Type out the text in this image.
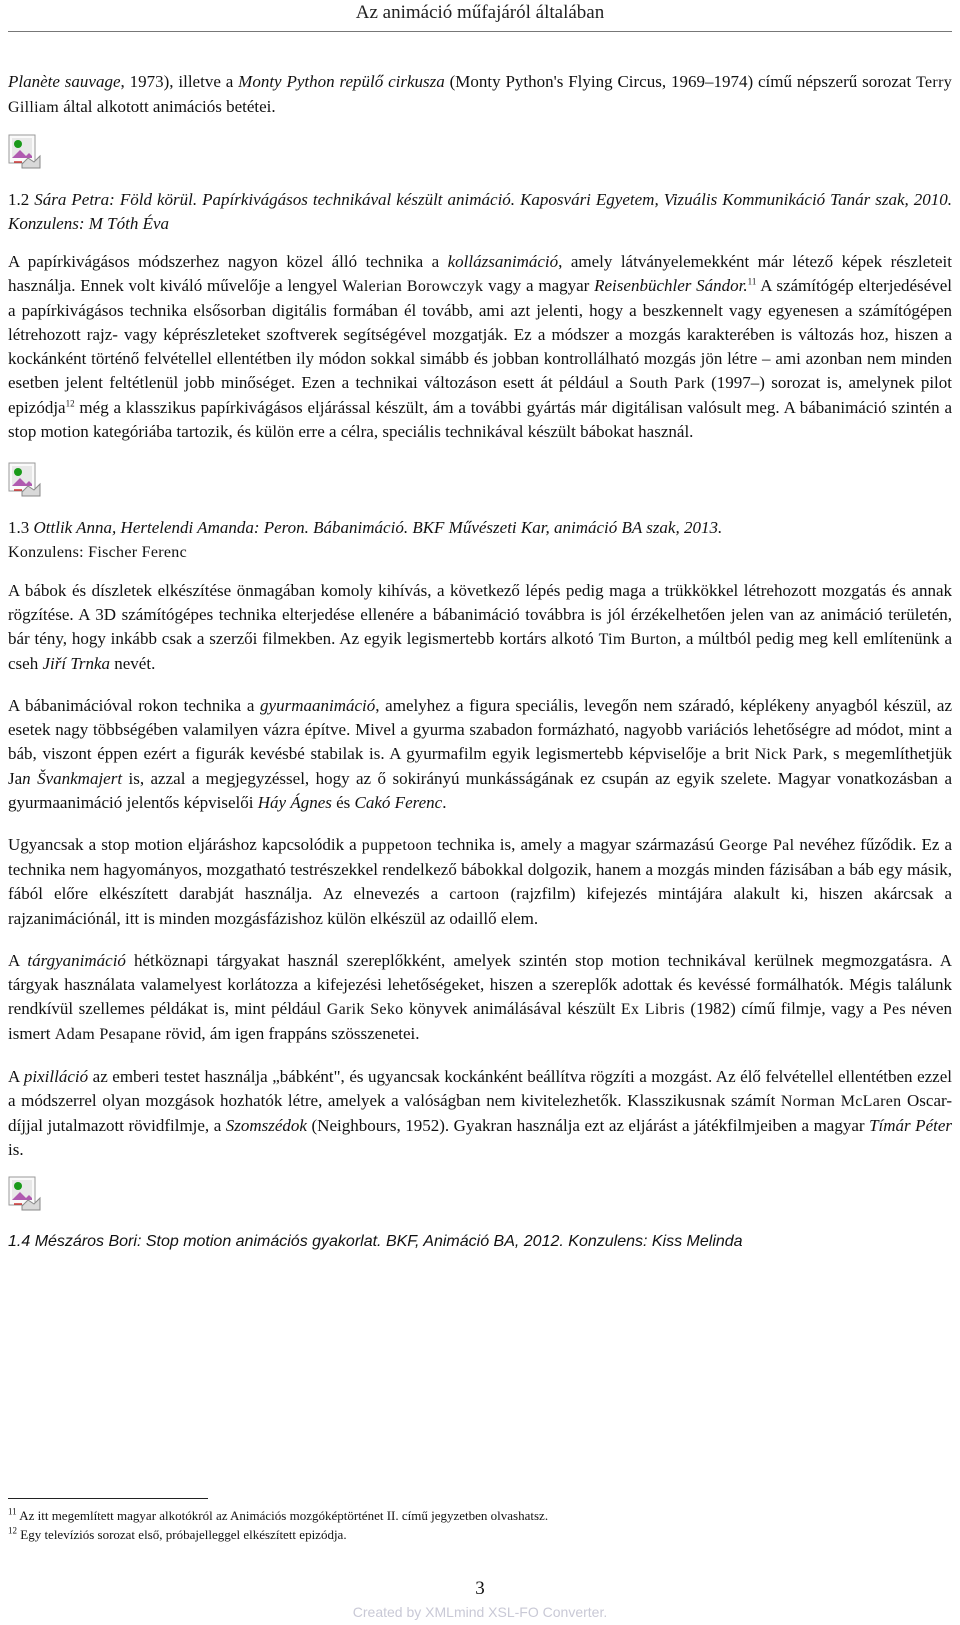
Az animáció műfajáról általában

Planète sauvage, 1973), illetve a Monty Python repülő cirkusza (Monty Python's Flying Circus, 1969–1974) című népszerű sorozat Terry Gilliam által alkotott animációs betétei.

1.2 Sára Petra: Föld körül. Papírkivágásos technikával készült animáció. Kaposvári Egyetem, Vizuális Kommunikáció Tanár szak, 2010. Konzulens: M Tóth Éva

A papírkivágásos módszerhez nagyon közel álló technika a kollázsanimáció, amely látványelemekként már létező képek részleteit használja. Ennek volt kiváló művelője a lengyel Walerian Borowczyk vagy a magyar Reisenbüchler Sándor.$^{11}$ A számítógép elterjedésével a papírkivágásos technika elsősorban digitális formában él tovább, ami azt jelenti, hogy a beszkennelt vagy egyenesen a számítógépen létrehozott rajz- vagy képrészleteket szoftverek segítségével mozgatják. Ez a módszer a mozgás karakterében is változás hoz, hiszen a kockánként történő felvétellel ellentétben ily módon sokkal simább és jobban kontrollálható mozgás jön létre – ami azonban nem minden esetben jelent feltétlenül jobb minőséget. Ezen a technikai változáson esett át például a South Park (1997–) sorozat is, amelynek pilot epizódja$^{12}$ még a klasszikus papírkivágásos eljárással készült, ám a további gyártás már digitálisan valósult meg. A bábanimáció szintén a stop motion kategóriába tartozik, és külön erre a célra, speciális technikával készült bábokat használ.

1.3 Ottlik Anna, Hertelendi Amanda: Peron. Bábanimáció. BKF Művészeti Kar, animáció BA szak, 2013.
Konzulens: Fischer Ferenc

A bábok és díszletek elkészítése önmagában komoly kihívás, a következő lépés pedig maga a trükkökkel létrehozott mozgatás és annak rögzítése. A 3D számítógépes technika elterjedése ellenére a bábanimáció továbbra is jól érzékelhetően jelen van az animáció területén, bár tény, hogy inkább csak a szerzői filmekben. Az egyik legismertebb kortárs alkotó Tim Burton, a múltból pedig meg kell említenünk a cseh Jiří Trnka nevét.

A bábanimációval rokon technika a gyurmaanimáció, amelyhez a figura speciális, levegőn nem száradó, képlékeny anyagból készül, az esetek nagy többségében valamilyen vázra építve. Mivel a gyurma szabadon formázható, nagyobb variációs lehetőségre ad módot, mint a báb, viszont éppen ezért a figurák kevésbé stabilak is. A gyurmafilm egyik legismertebb képviselője a brit Nick Park, s megemlíthetjük Jan Švankmajert is, azzal a megjegyzéssel, hogy az ő sokirányú munkásságának ez csupán az egyik szelete. Magyar vonatkozásban a gyurmaanimáció jelentős képviselői Háy Ágnes és Cakó Ferenc.

Ugyancsak a stop motion eljáráshoz kapcsolódik a puppetoon technika is, amely a magyar származású George Pal nevéhez fűződik. Ez a technika nem hagyományos, mozgatható testrészekkel rendelkező bábokkal dolgozik, hanem a mozgás minden fázisában a báb egy másik, fából előre elkészített darabját használja. Az elnevezés a cartoon (rajzfilm) kifejezés mintájára alakult ki, hiszen akárcsak a rajzanimációnál, itt is minden mozgásfázishoz külön elkészül az odaillő elem.

A tárgyanimáció hétköznapi tárgyakat használ szereplőkként, amelyek szintén stop motion technikával kerülnek megmozgatásra. A tárgyak használata valamelyest korlátozza a kifejezési lehetőségeket, hiszen a szereplők adottak és kevéssé formálhatók. Mégis találunk rendkívül szellemes példákat is, mint például Garik Seko könyvek animálásával készült Ex Libris (1982) című filmje, vagy a Pes néven ismert Adam Pesapane rövid, ám igen frappáns szösszenetei.

A pixilláció az emberi testet használja „bábként", és ugyancsak kockánként beállítva rögzíti a mozgást. Az élő felvétellel ellentétben ezzel a módszerrel olyan mozgások hozhatók létre, amelyek a valóságban nem kivitelezhetők. Klasszikusnak számít Norman McLaren Oscar-díjjal jutalmazott rövidfilmje, a Szomszédok (Neighbours, 1952). Gyakran használja ezt az eljárást a játékfilmjeiben a magyar Tímár Péter is.

1.4 Mészáros Bori: Stop motion animációs gyakorlat. BKF, Animáció BA, 2012. Konzulens: Kiss Melinda

$^{11}$ Az itt megemlített magyar alkotókról az Animációs mozgóképtörténet II. című jegyzetben olvashatsz.
$^{12}$ Egy televíziós sorozat első, próbajelleggel elkészített epizódja.
3
Created by XMLmind XSL-FO Converter.
